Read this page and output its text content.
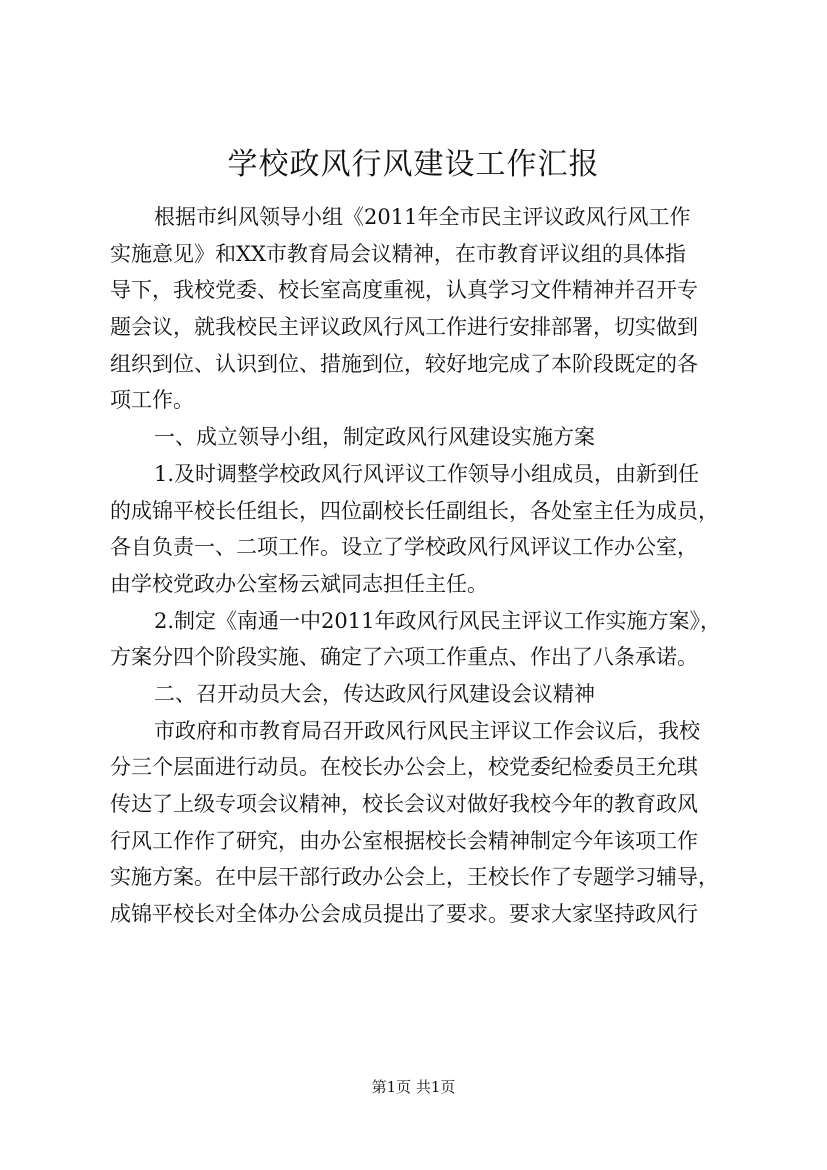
学校政风行风建设工作汇报
根据市纠风领导小组《2011年全市民主评议政风行风工作
实施意见》和XX市教育局会议精神，在市教育评议组的具体指
导下，我校党委、校长室高度重视，认真学习文件精神并召开专
题会议，就我校民主评议政风行风工作进行安排部署，切实做到
组织到位、认识到位、措施到位，较好地完成了本阶段既定的各
项工作。
一、成立领导小组，制定政风行风建设实施方案
1.及时调整学校政风行风评议工作领导小组成员，由新到任
的成锦平校长任组长，四位副校长任副组长，各处室主任为成员，
各自负责一、二项工作。设立了学校政风行风评议工作办公室，
由学校党政办公室杨云斌同志担任主任。
2.制定《南通一中2011年政风行风民主评议工作实施方案》，
方案分四个阶段实施、确定了六项工作重点、作出了八条承诺。
二、召开动员大会，传达政风行风建设会议精神
市政府和市教育局召开政风行风民主评议工作会议后，我校
分三个层面进行动员。在校长办公会上，校党委纪检委员王允琪
传达了上级专项会议精神，校长会议对做好我校今年的教育政风
行风工作作了研究，由办公室根据校长会精神制定今年该项工作
实施方案。在中层干部行政办公会上，王校长作了专题学习辅导，
成锦平校长对全体办公会成员提出了要求。要求大家坚持政风行
第1页 共1页
